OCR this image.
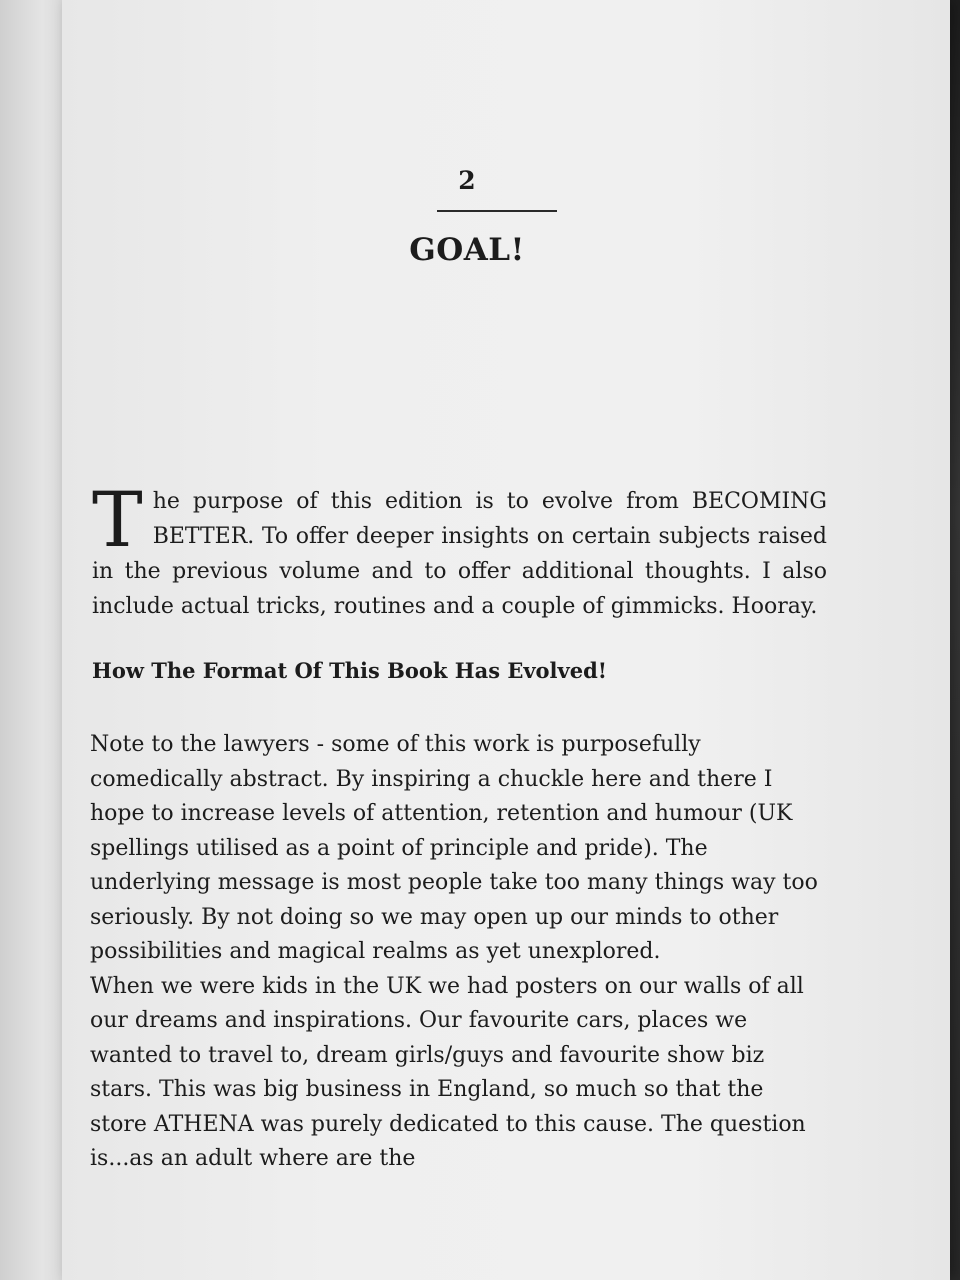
2
GOAL!
The purpose of this edition is to evolve from BECOMING BETTER. To offer deeper insights on certain subjects raised in the previous volume and to offer additional thoughts. I also include actual tricks, routines and a couple of gimmicks. Hooray.
How The Format Of This Book Has Evolved!

Note to the lawyers - some of this work is purposefully comedically abstract. By inspiring a chuckle here and there I hope to increase levels of attention, retention and humour (UK spellings utilised as a point of principle and pride). The underlying message is most people take too many things way too seriously. By not doing so we may open up our minds to other possibilities and magical realms as yet unexplored.

When we were kids in the UK we had posters on our walls of all our dreams and inspirations. Our favourite cars, places we wanted to travel to, dream girls/guys and favourite show biz stars. This was big business in England, so much so that the store ATHENA was purely dedicated to this cause. The question is...as an adult where are the
